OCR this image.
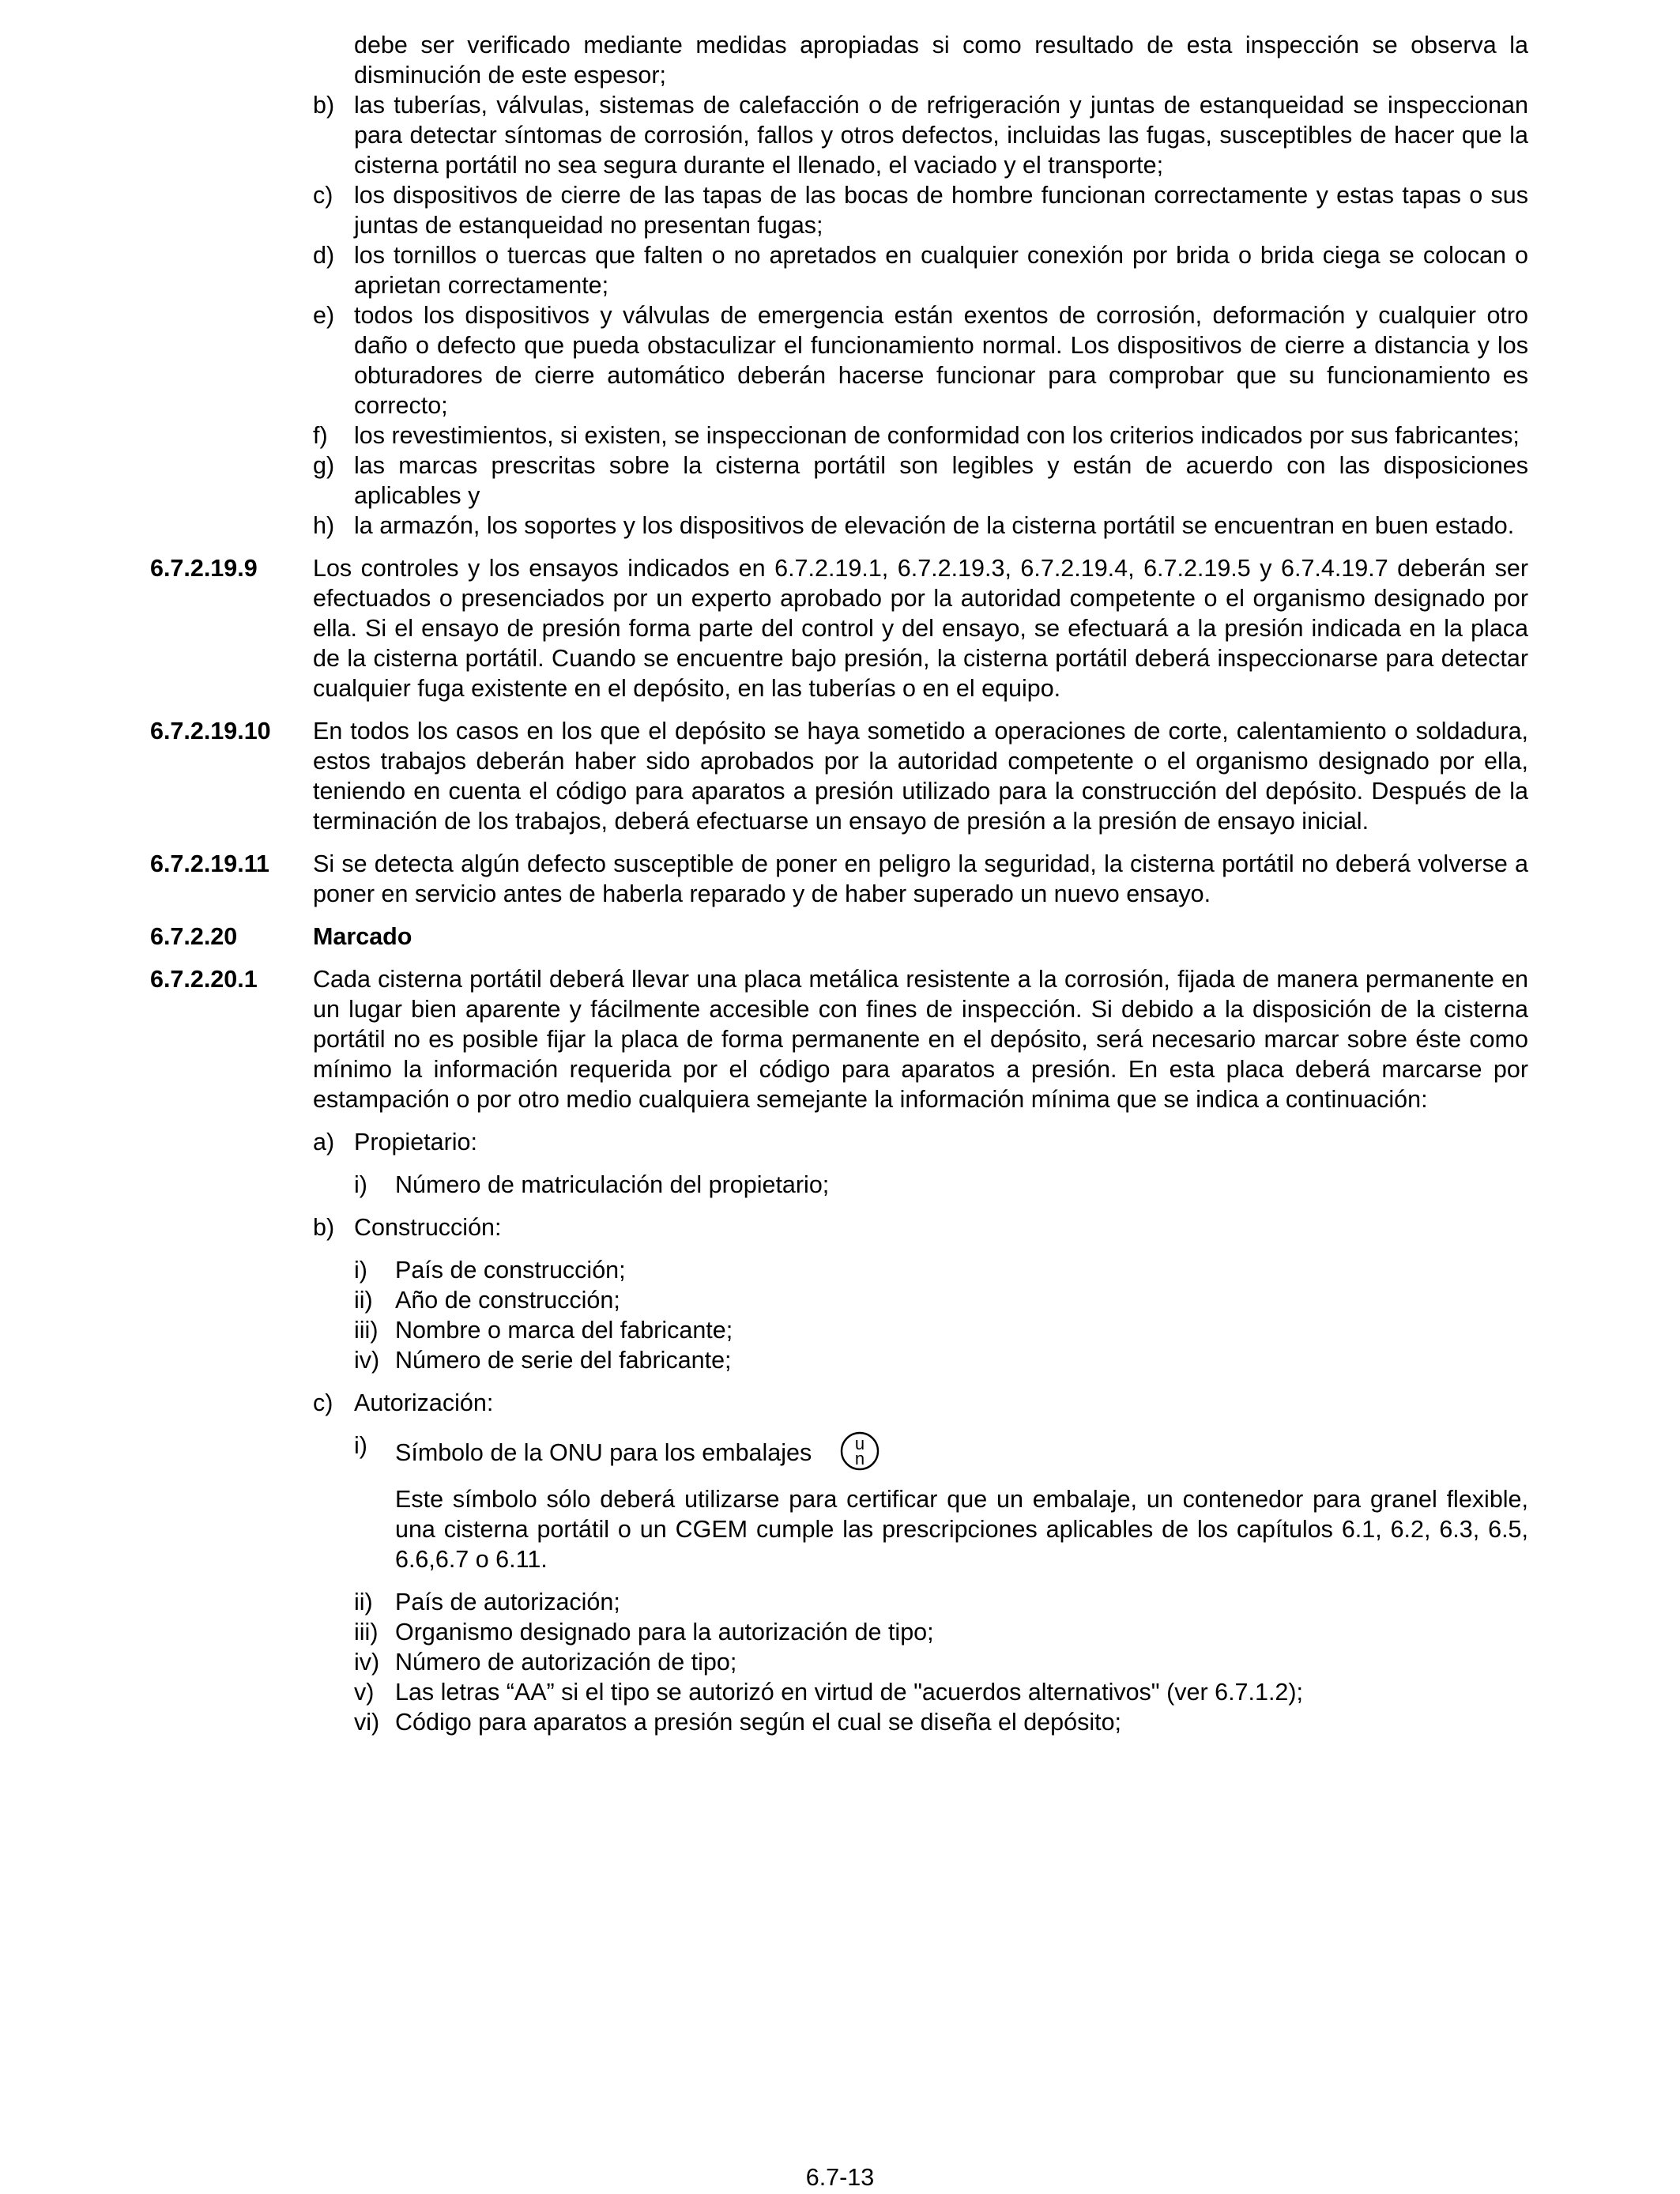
debe ser verificado mediante medidas apropiadas si como resultado de esta inspección se observa la disminución de este espesor;
b) las tuberías, válvulas, sistemas de calefacción o de refrigeración y juntas de estanqueidad se inspeccionan para detectar síntomas de corrosión, fallos y otros defectos, incluidas las fugas, susceptibles de hacer que la cisterna portátil no sea segura durante el llenado, el vaciado y el transporte;
c) los dispositivos de cierre de las tapas de las bocas de hombre funcionan correctamente y estas tapas o sus juntas de estanqueidad no presentan fugas;
d) los tornillos o tuercas que falten o no apretados en cualquier conexión por brida o brida ciega se colocan o aprietan correctamente;
e) todos los dispositivos y válvulas de emergencia están exentos de corrosión, deformación y cualquier otro daño o defecto que pueda obstaculizar el funcionamiento normal. Los dispositivos de cierre a distancia y los obturadores de cierre automático deberán hacerse funcionar para comprobar que su funcionamiento es correcto;
f)	los revestimientos, si existen, se inspeccionan de conformidad con los criterios indicados por sus fabricantes;
g) las marcas prescritas sobre la cisterna portátil son legibles y están de acuerdo con las disposiciones aplicables y
h) la armazón, los soportes y los dispositivos de elevación de la cisterna portátil se encuentran en buen estado.
6.7.2.19.9	Los controles y los ensayos indicados en 6.7.2.19.1, 6.7.2.19.3, 6.7.2.19.4, 6.7.2.19.5 y 6.7.4.19.7 deberán ser efectuados o presenciados por un experto aprobado por la autoridad competente o el organismo designado por ella. Si el ensayo de presión forma parte del control y del ensayo, se efectuará a la presión indicada en la placa de la cisterna portátil. Cuando se encuentre bajo presión, la cisterna portátil deberá inspeccionarse para detectar cualquier fuga existente en el depósito, en las tuberías o en el equipo.
6.7.2.19.10	En todos los casos en los que el depósito se haya sometido a operaciones de corte, calentamiento o soldadura, estos trabajos deberán haber sido aprobados por la autoridad competente o el organismo designado por ella, teniendo en cuenta el código para aparatos a presión utilizado para la construcción del depósito. Después de la terminación de los trabajos, deberá efectuarse un ensayo de presión a la presión de ensayo inicial.
6.7.2.19.11	Si se detecta algún defecto susceptible de poner en peligro la seguridad, la cisterna portátil no deberá volverse a poner en servicio antes de haberla reparado y de haber superado un nuevo ensayo.
6.7.2.20	Marcado
6.7.2.20.1	Cada cisterna portátil deberá llevar una placa metálica resistente a la corrosión, fijada de manera permanente en un lugar bien aparente y fácilmente accesible con fines de inspección. Si debido a la disposición de la cisterna portátil no es posible fijar la placa de forma permanente en el depósito, será necesario marcar sobre éste como mínimo la información requerida por el código para aparatos a presión. En esta placa deberá marcarse por estampación o por otro medio cualquiera semejante la información mínima que se indica a continuación:
a) Propietario:
i)	Número de matriculación del propietario;
b) Construcción:
i)	País de construcción;
ii) Año de construcción;
iii) Nombre o marca del fabricante;
iv) Número de serie del fabricante;
c) Autorización:
i)	Símbolo de la ONU para los embalajes u
n
Este símbolo sólo deberá utilizarse para certificar que un embalaje, un contenedor para granel flexible, una cisterna portátil o un CGEM cumple las prescripciones aplicables de los capítulos 6.1, 6.2, 6.3, 6.5, 6.6,6.7 o 6.11.
ii) País de autorización;
iii) Organismo designado para la autorización de tipo;
iv) Número de autorización de tipo;
v) Las letras “AA” si el tipo se autorizó en virtud de "acuerdos alternativos" (ver 6.7.1.2);
vi) Código para aparatos a presión según el cual se diseña el depósito;
6.7-13
